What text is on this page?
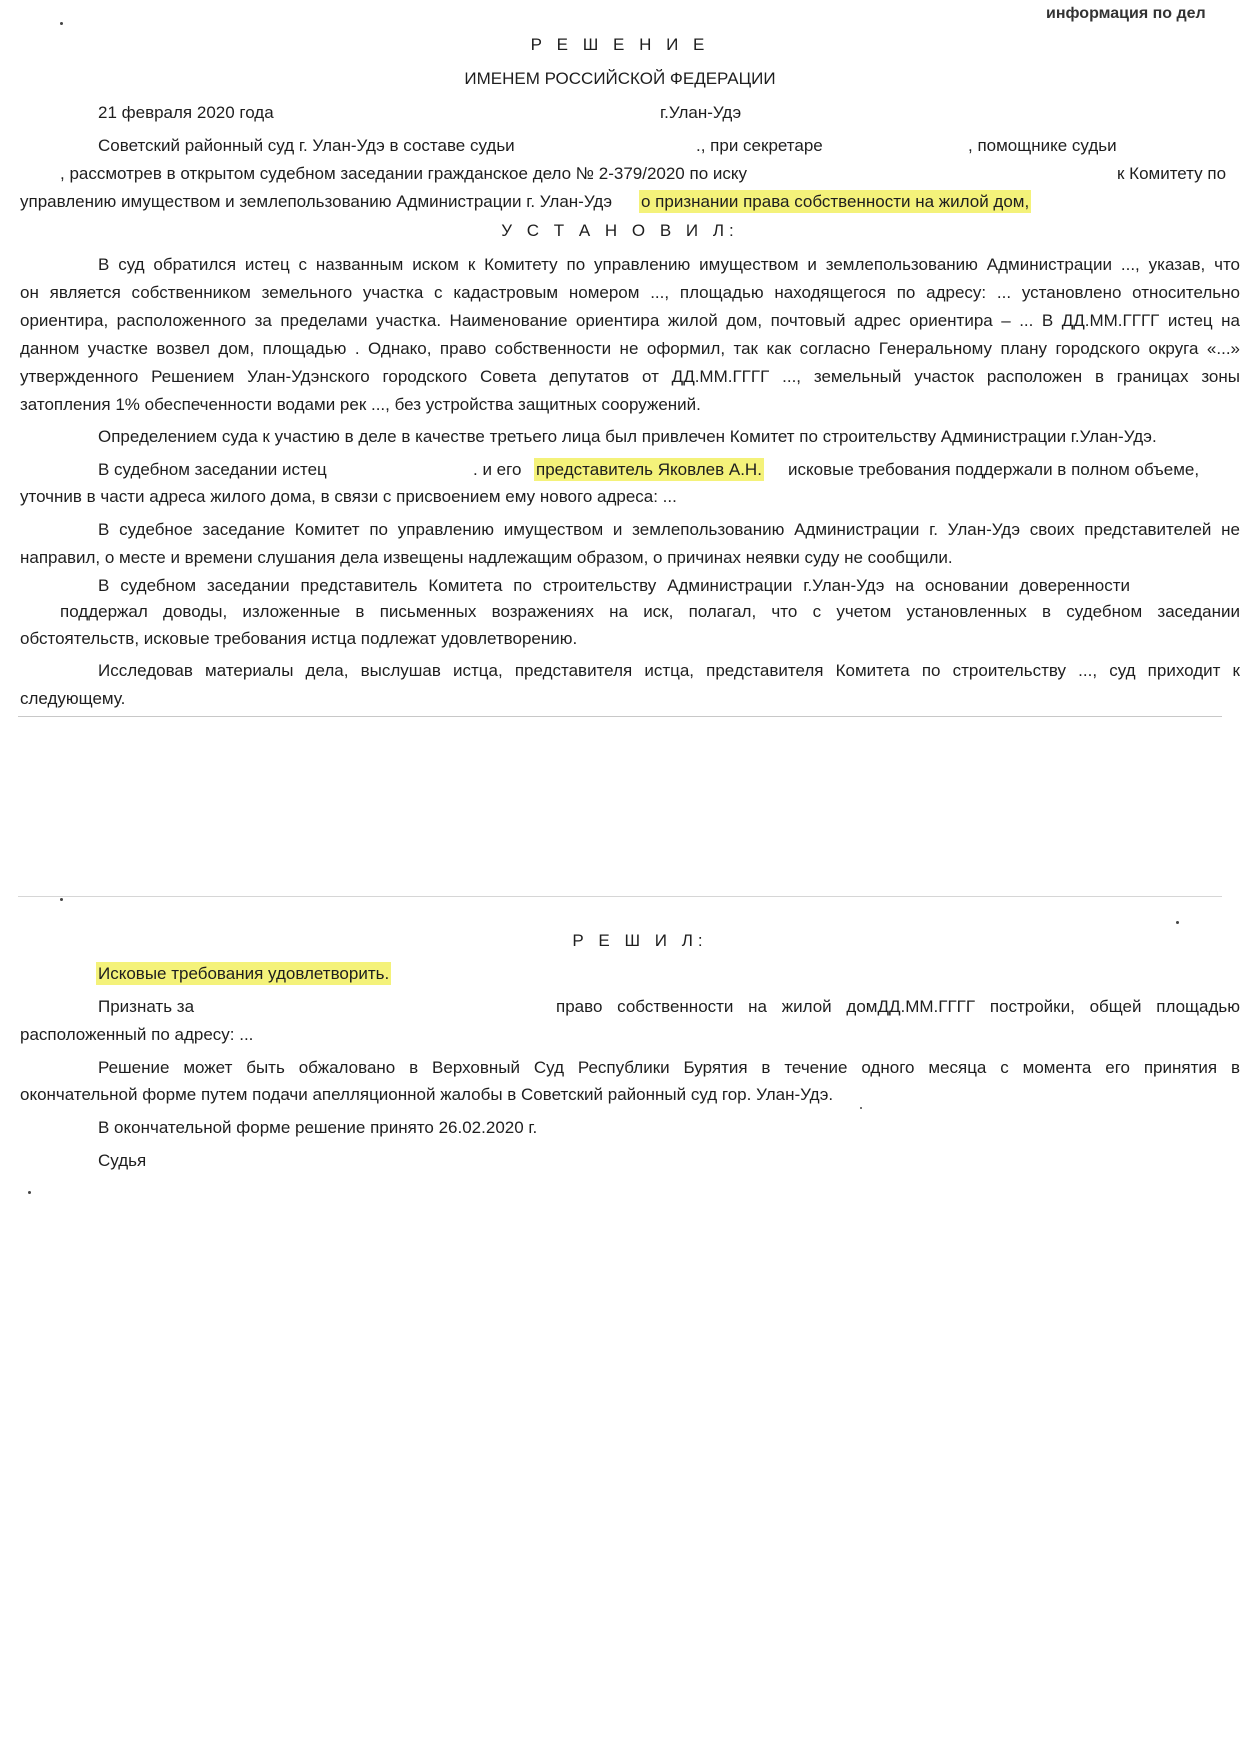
информация по дел
Р Е Ш Е Н И Е
ИМЕНЕМ РОССИЙСКОЙ ФЕДЕРАЦИИ
21 февраля 2020 года	г.Улан-Удэ
Советский районный суд г. Улан-Удэ в составе судьи	., при секретаре	, помощнике судьи
, рассмотрев в открытом судебном заседании гражданское дело № 2-379/2020 по иску	к Комитету по
управлению имуществом и землепользованию Администрации г. Улан-Удэ о признании права собственности на жилой дом,
У С Т А Н О В И Л:
В суд обратился истец с названным иском к Комитету по управлению имуществом и землепользованию Администрации ..., указав, что
он является собственником земельного участка с кадастровым номером ..., площадью находящегося по адресу: ... установлено относительно
ориентира, расположенного за пределами участка. Наименование ориентира жилой дом, почтовый адрес ориентира – ... В ДД.ММ.ГГГГ истец на
данном участке возвел дом, площадью . Однако, право собственности не оформил, так как согласно Генеральному плану городского округа «...»
утвержденного Решением Улан-Удэнского городского Совета депутатов от ДД.ММ.ГГГГ ..., земельный участок расположен в границах зоны
затопления 1% обеспеченности водами рек ..., без устройства защитных сооружений.
Определением суда к участию в деле в качестве третьего лица был привлечен Комитет по строительству Администрации г.Улан-Удэ.
В судебном заседании истец	. и его представитель Яковлев А.Н. исковые требования поддержали в полном объеме,
уточнив в части адреса жилого дома, в связи с присвоением ему нового адреса: ...
В судебное заседание Комитет по управлению имуществом и землепользованию Администрации г. Улан-Удэ своих представителей не
направил, о месте и времени слушания дела извещены надлежащим образом, о причинах неявки суду не сообщили.
В судебном заседании представитель Комитета по строительству Администрации г.Улан-Удэ на основании доверенности
поддержал доводы, изложенные в письменных возражениях на иск, полагал, что с учетом установленных в судебном заседании
обстоятельств, исковые требования истца подлежат удовлетворению.
Исследовав материалы дела, выслушав истца, представителя истца, представителя Комитета по строительству ..., суд приходит к
следующему.
Р Е Ш И Л:
Исковые требования удовлетворить.
Признать за	право собственности на жилой домДД.ММ.ГГГГ постройки, общей площадью
расположенный по адресу: ...
Решение может быть обжаловано в Верховный Суд Республики Бурятия в течение одного месяца с момента его принятия в
окончательной форме путем подачи апелляционной жалобы в Советский районный суд гор. Улан-Удэ.
В окончательной форме решение принято 26.02.2020 г.
Судья
